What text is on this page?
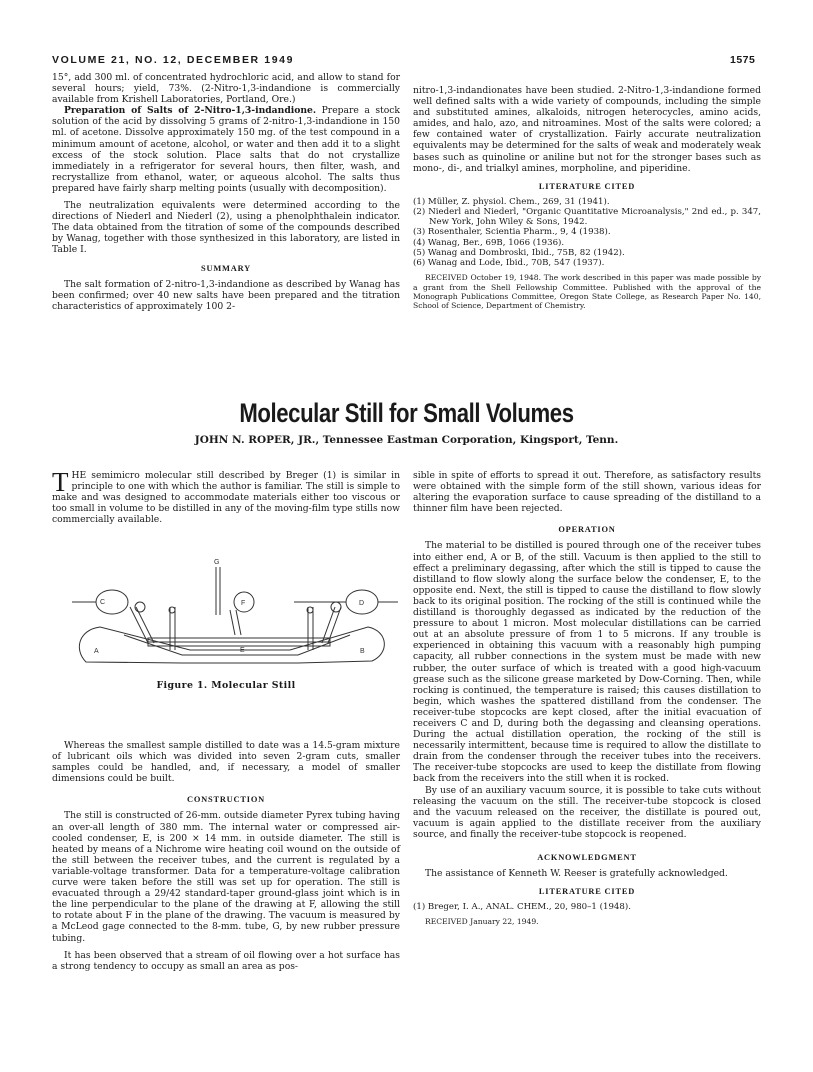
VOLUME 21, NO. 12, DECEMBER 1949	1575

15°, add 300 ml. of concentrated hydrochloric acid, and allow to stand for several hours; yield, 73%. (2-Nitro-1,3-indandione is commercially available from Krishell Laboratories, Portland, Ore.)

Preparation of Salts of 2-Nitro-1,3-indandione. Prepare a stock solution of the acid by dissolving 5 grams of 2-nitro-1,3-indandione in 150 ml. of acetone. Dissolve approximately 150 mg. of the test compound in a minimum amount of acetone, alcohol, or water and then add it to a slight excess of the stock solution. Place salts that do not crystallize immediately in a refrigerator for several hours, then filter, wash, and recrystallize from ethanol, water, or aqueous alcohol. The salts thus prepared have fairly sharp melting points (usually with decomposition).

The neutralization equivalents were determined according to the directions of Niederl and Niederl (2), using a phenolphthalein indicator. The data obtained from the titration of some of the compounds described by Wanag, together with those synthesized in this laboratory, are listed in Table I.

SUMMARY

The salt formation of 2-nitro-1,3-indandione as described by Wanag has been confirmed; over 40 new salts have been prepared and the titration characteristics of approximately 100 2-

nitro-1,3-indandionates have been studied. 2-Nitro-1,3-indandione formed well defined salts with a wide variety of compounds, including the simple and substituted amines, alkaloids, nitrogen heterocycles, amino acids, amides, and halo, azo, and nitroamines. Most of the salts were colored; a few contained water of crystallization. Fairly accurate neutralization equivalents may be determined for the salts of weak and moderately weak bases such as quinoline or aniline but not for the stronger bases such as mono-, di-, and trialkyl amines, morpholine, and piperidine.

LITERATURE CITED
(1) Müller, Z. physiol. Chem., 269, 31 (1941).
(2) Niederl and Niederl, "Organic Quantitative Microanalysis," 2nd ed., p. 347, New York, John Wiley & Sons, 1942.
(3) Rosenthaler, Scientia Pharm., 9, 4 (1938).
(4) Wanag, Ber., 69B, 1066 (1936).
(5) Wanag and Dombroski, Ibid., 75B, 82 (1942).
(6) Wanag and Lode, Ibid., 70B, 547 (1937).

RECEIVED October 19, 1948. The work described in this paper was made possible by a grant from the Shell Fellowship Committee. Published with the approval of the Monograph Publications Committee, Oregon State College, as Research Paper No. 140, School of Science, Department of Chemistry.

Molecular Still for Small Volumes
JOHN N. ROPER, JR., Tennessee Eastman Corporation, Kingsport, Tenn.
T HE semimicro molecular still described by Breger (1) is similar in principle to one with which the author is familiar. The still is simple to make and was designed to accommodate materials either too viscous or too small in volume to be distilled in any of the moving-film type stills now commercially available.
G
C	F	D
E
A	B
Figure 1. Molecular Still

Whereas the smallest sample distilled to date was a 14.5-gram mixture of lubricant oils which was divided into seven 2-gram cuts, smaller samples could be handled, and, if necessary, a model of smaller dimensions could be built.

CONSTRUCTION

The still is constructed of 26-mm. outside diameter Pyrex tubing having an over-all length of 380 mm. The internal water or compressed air-cooled condenser, E, is 200 × 14 mm. in outside diameter. The still is heated by means of a Nichrome wire heating coil wound on the outside of the still between the receiver tubes, and the current is regulated by a variable-voltage transformer. Data for a temperature-voltage calibration curve were taken before the still was set up for operation. The still is evacuated through a 29/42 standard-taper ground-glass joint which is in the line perpendicular to the plane of the drawing at F, allowing the still to rotate about F in the plane of the drawing. The vacuum is measured by a McLeod gage connected to the 8-mm. tube, G, by new rubber pressure tubing.

It has been observed that a stream of oil flowing over a hot surface has a strong tendency to occupy as small an area as pos-

sible in spite of efforts to spread it out. Therefore, as satisfactory results were obtained with the simple form of the still shown, various ideas for altering the evaporation surface to cause spreading of the distilland to a thinner film have been rejected.

OPERATION

The material to be distilled is poured through one of the receiver tubes into either end, A or B, of the still. Vacuum is then applied to the still to effect a preliminary degassing, after which the still is tipped to cause the distilland to flow slowly along the surface below the condenser, E, to the opposite end. Next, the still is tipped to cause the distilland to flow slowly back to its original position. The rocking of the still is continued while the distilland is thoroughly degassed as indicated by the reduction of the pressure to about 1 micron. Most molecular distillations can be carried out at an absolute pressure of from 1 to 5 microns. If any trouble is experienced in obtaining this vacuum with a reasonably high pumping capacity, all rubber connections in the system must be made with new rubber, the outer surface of which is treated with a good high-vacuum grease such as the silicone grease marketed by Dow-Corning. Then, while rocking is continued, the temperature is raised; this causes distillation to begin, which washes the spattered distilland from the condenser. The receiver-tube stopcocks are kept closed, after the initial evacuation of receivers C and D, during both the degassing and cleansing operations. During the actual distillation operation, the rocking of the still is necessarily intermittent, because time is required to allow the distillate to drain from the condenser through the receiver tubes into the receivers. The receiver-tube stopcocks are used to keep the distillate from flowing back from the receivers into the still when it is rocked.

By use of an auxiliary vacuum source, it is possible to take cuts without releasing the vacuum on the still. The receiver-tube stopcock is closed and the vacuum released on the receiver, the distillate is poured out, vacuum is again applied to the distillate receiver from the auxiliary source, and finally the receiver-tube stopcock is reopened.

ACKNOWLEDGMENT

The assistance of Kenneth W. Reeser is gratefully acknowledged.

LITERATURE CITED
(1) Breger, I. A., ANAL. CHEM., 20, 980–1 (1948).

RECEIVED January 22, 1949.
